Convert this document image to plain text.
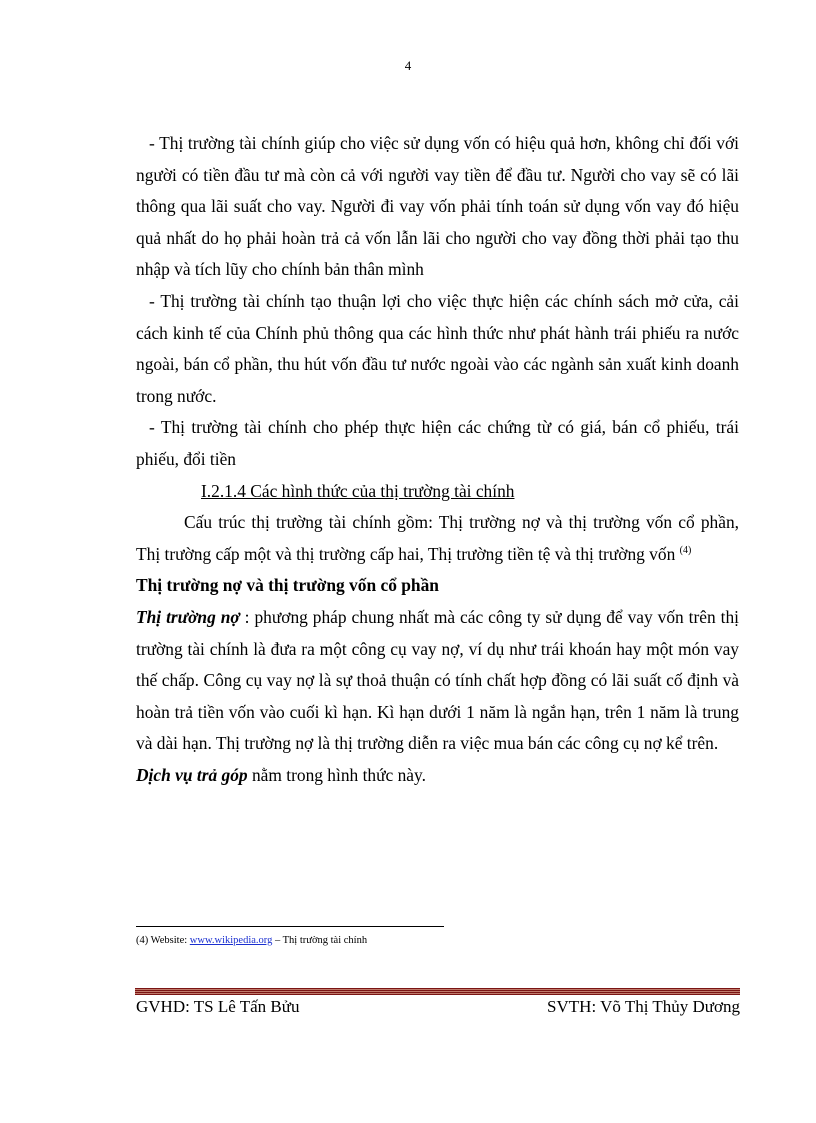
4

- Thị trường tài chính giúp cho việc sử dụng vốn có hiệu quả hơn, không chỉ đối với người có tiền đầu tư mà còn cả với người vay tiền để đầu tư. Người cho vay sẽ có lãi thông qua lãi suất cho vay. Người đi vay vốn phải tính toán sử dụng vốn vay đó hiệu quả nhất do họ phải hoàn trả cả vốn lẫn lãi cho người cho vay đồng thời phải tạo thu nhập và tích lũy cho chính bản thân mình

- Thị trường tài chính tạo thuận lợi cho việc thực hiện các chính sách mở cửa, cải cách kinh tế của Chính phủ thông qua các hình thức như phát hành trái phiếu ra nước ngoài, bán cổ phần, thu hút vốn đầu tư nước ngoài vào các ngành sản xuất kinh doanh trong nước.

- Thị trường tài chính cho phép thực hiện các chứng từ có giá, bán cổ phiếu, trái phiếu, đổi tiền

I.2.1.4 Các hình thức của thị trường tài chính

Cấu trúc thị trường tài chính gồm: Thị trường nợ và thị trường vốn cổ phần, Thị trường cấp một và thị trường cấp hai, Thị trường tiền tệ và thị trường vốn $^{(4)}$

Thị trường nợ và thị trường vốn cổ phần

Thị trường nợ : phương pháp chung nhất mà các công ty sử dụng để vay vốn trên thị trường tài chính là đưa ra một công cụ vay nợ, ví dụ như trái khoán hay một món vay thế chấp. Công cụ vay nợ là sự thoả thuận có tính chất hợp đồng có lãi suất cố định và hoàn trả tiền vốn vào cuối kì hạn. Kì hạn dưới 1 năm là ngắn hạn, trên 1 năm là trung và dài hạn. Thị trường nợ là thị trường diễn ra việc mua bán các công cụ nợ kể trên.

Dịch vụ trả góp nằm trong hình thức này.

(4) Website: www.wikipedia.org – Thị trường tài chính
GVHD: TS Lê Tấn Bửu	SVTH: Võ Thị Thủy Dương
